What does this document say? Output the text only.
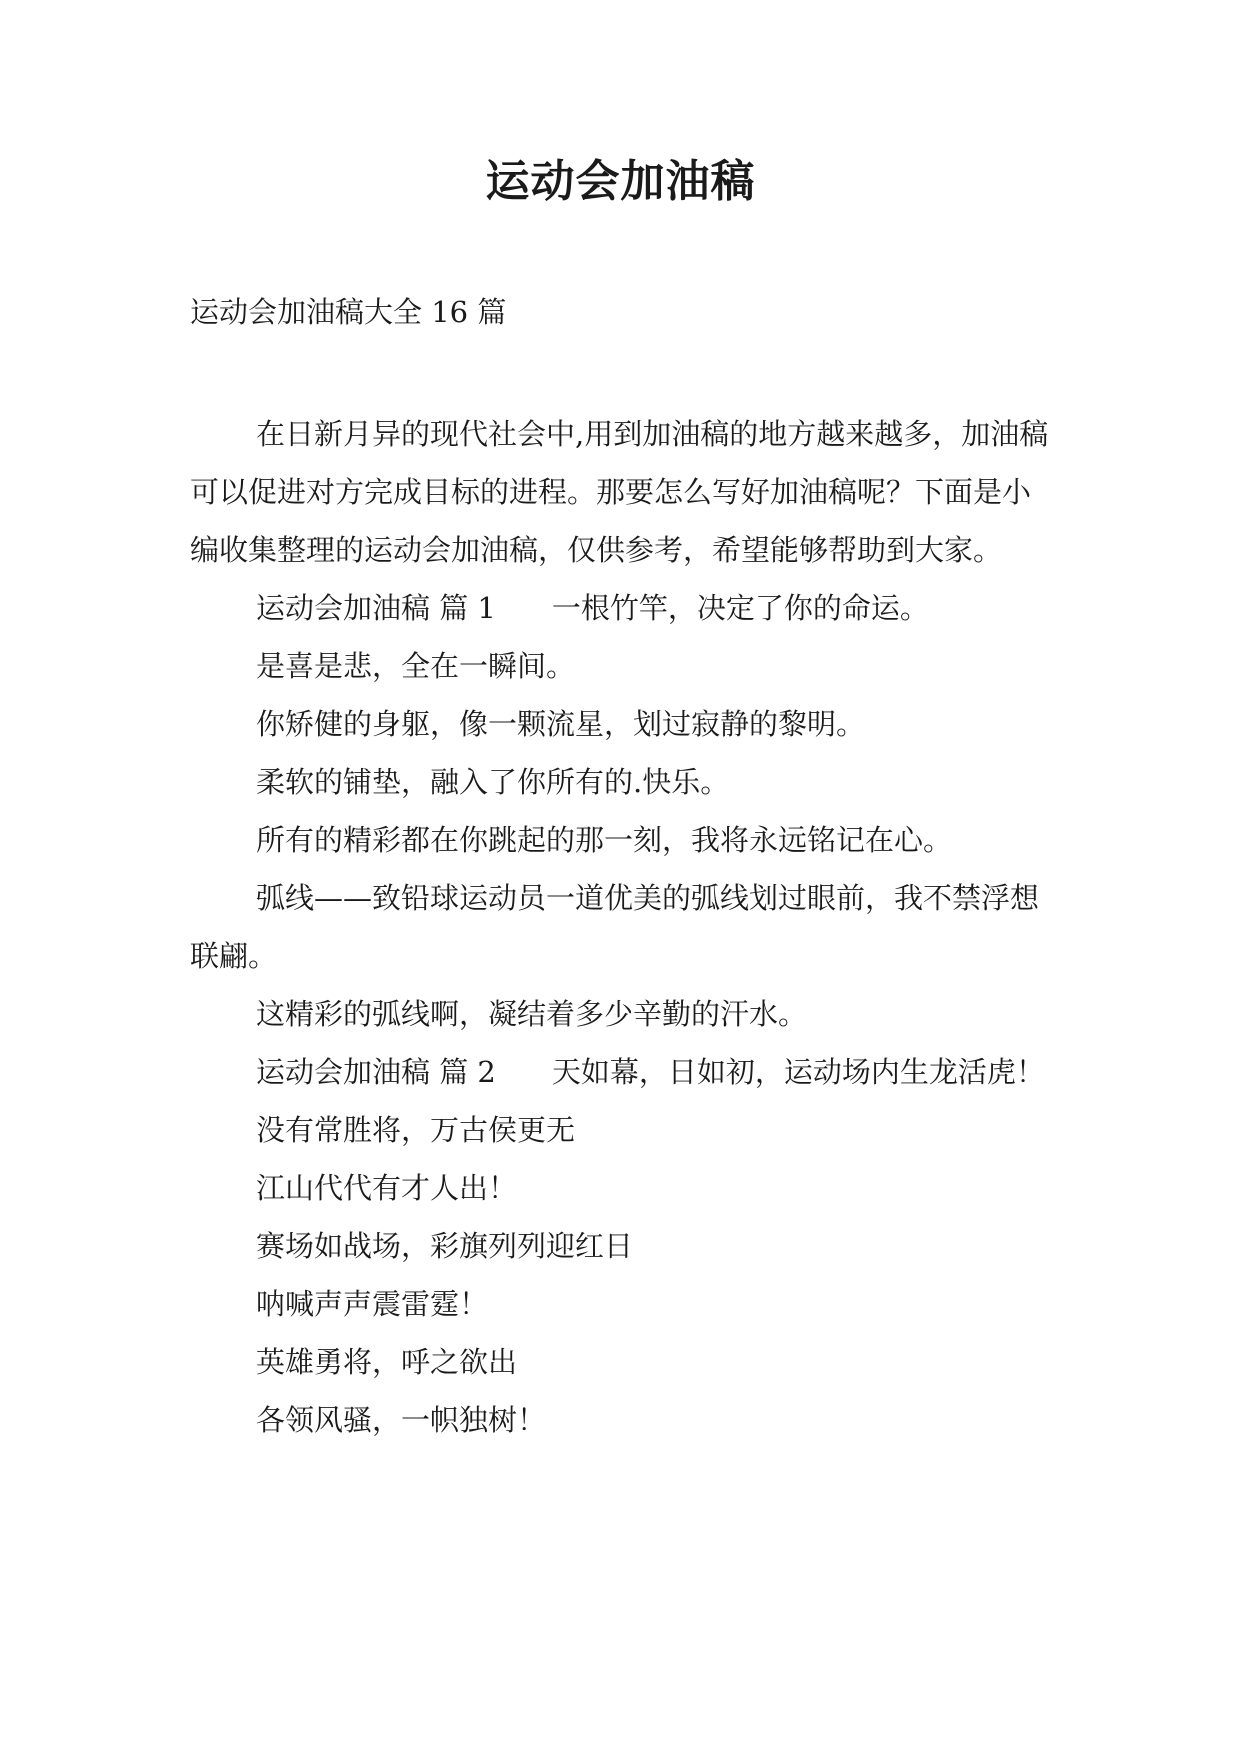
运动会加油稿

运动会加油稿大全 16 篇

在日新月异的现代社会中,用到加油稿的地方越来越多，加油稿可以促进对方完成目标的进程。那要怎么写好加油稿呢？下面是小编收集整理的运动会加油稿，仅供参考，希望能够帮助到大家。

运动会加油稿 篇 1 一根竹竿，决定了你的命运。

是喜是悲，全在一瞬间。

你矫健的身躯，像一颗流星，划过寂静的黎明。

柔软的铺垫，融入了你所有的.快乐。

所有的精彩都在你跳起的那一刻，我将永远铭记在心。

弧线——致铅球运动员一道优美的弧线划过眼前，我不禁浮想联翩。

这精彩的弧线啊，凝结着多少辛勤的汗水。

运动会加油稿 篇 2 天如幕，日如初，运动场内生龙活虎！

没有常胜将，万古侯更无

江山代代有才人出！

赛场如战场，彩旗列列迎红日

呐喊声声震雷霆！

英雄勇将，呼之欲出

各领风骚，一帜独树！
